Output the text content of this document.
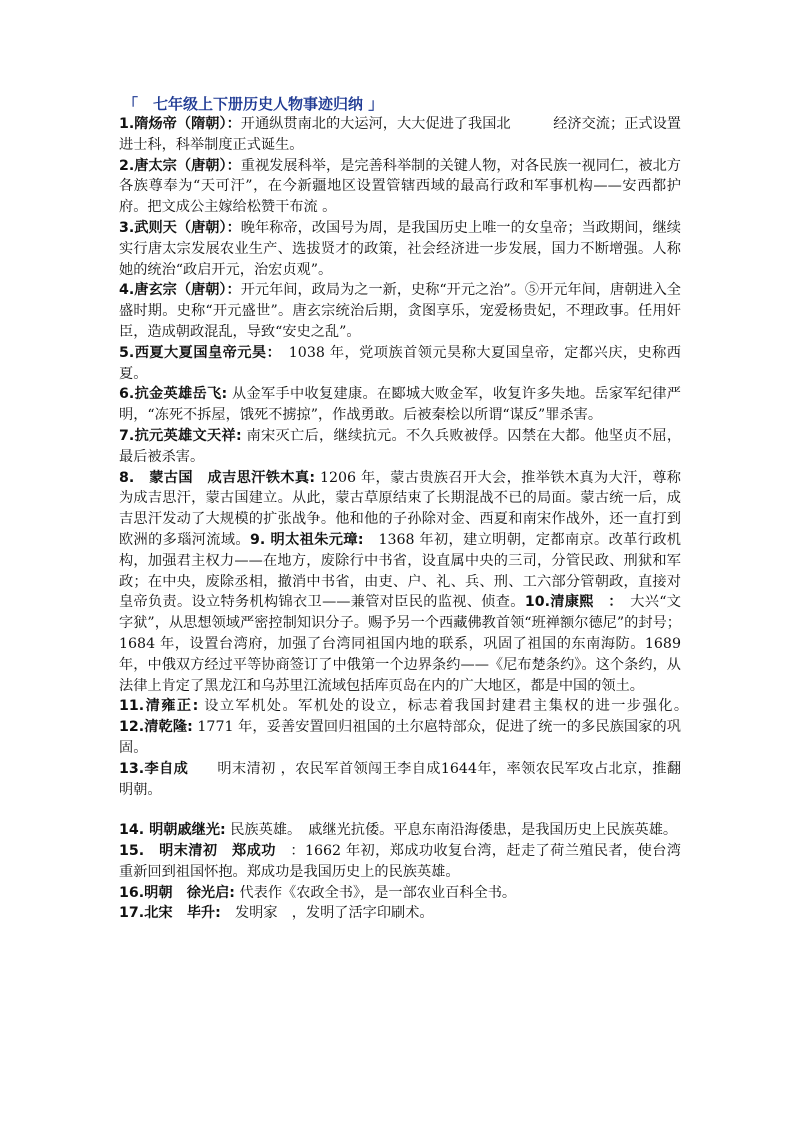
「　七年级上下册历史人物事迹归纳 」

1.隋炀帝（隋朝）：开通纵贯南北的大运河，大大促进了我国北　　　经济交流；正式设置进士科，科举制度正式诞生。

2.唐太宗（唐朝）：重视发展科举，是完善科举制的关键人物，对各民族一视同仁，被北方各族尊奉为“天可汗”，在今新疆地区设置管辖西域的最高行政和军事机构——安西都护府。把文成公主嫁给松赞干布流 。

3.武则天（唐朝）：晚年称帝，改国号为周，是我国历史上唯一的女皇帝；当政期间，继续实行唐太宗发展农业生产、选拔贤才的政策，社会经济进一步发展，国力不断增强。人称她的统治“政启开元，治宏贞观”。

4.唐玄宗（唐朝）：开元年间，政局为之一新，史称“开元之治”。⑤开元年间，唐朝进入全盛时期。史称“开元盛世”。唐玄宗统治后期，贪图享乐，宠爱杨贵妃，不理政事。任用奸臣，造成朝政混乱，导致“安史之乱”。

5.西夏大夏国皇帝元昊：　1038 年，党项族首领元昊称大夏国皇帝，定都兴庆，史称西夏。

6.抗金英雄岳飞: 从金军手中收复建康。在郾城大败金军，收复许多失地。岳家军纪律严明，“冻死不拆屋，饿死不掳掠”，作战勇敢。后被秦桧以所谓“谋反”罪杀害。

7.抗元英雄文天祥: 南宋灭亡后，继续抗元。不久兵败被俘。囚禁在大都。他坚贞不屈，最后被杀害。

8.　蒙古国　成吉思汗铁木真: 1206 年，蒙古贵族召开大会，推举铁木真为大汗，尊称为成吉思汗，蒙古国建立。从此，蒙古草原结束了长期混战不已的局面。蒙古统一后，成吉思汗发动了大规模的扩张战争。他和他的子孙除对金、西夏和南宋作战外，还一直打到欧洲的多瑙河流域。9. 明太祖朱元璋:　1368 年初，建立明朝，定都南京。改革行政机构，加强君主权力——在地方，废除行中书省，设直属中央的三司，分管民政、刑狱和军政；在中央，废除丞相，撤消中书省，由吏、户、礼、兵、刑、工六部分管朝政，直接对皇帝负责。设立特务机构锦衣卫——兼管对臣民的监视、侦查。10.清康熙　：　大兴“文字狱”，从思想领域严密控制知识分子。赐予另一个西藏佛教首领“班禅额尔德尼”的封号；1684 年，设置台湾府，加强了台湾同祖国内地的联系，巩固了祖国的东南海防。1689 年，中俄双方经过平等协商签订了中俄第一个边界条约——《尼布楚条约》。这个条约，从法律上肯定了黑龙江和乌苏里江流域包括库页岛在内的广大地区，都是中国的领土。

11.清雍正: 设立军机处。军机处的设立，标志着我国封建君主集权的进一步强化。　　　　　　　　　　　　12.清乾隆: 1771 年，妥善安置回归祖国的土尔扈特部众，促进了统一的多民族国家的巩固。

13.李自成　　明末清初 ，农民军首领闯王李自成1644年，率领农民军攻占北京，推翻明朝。

14. 明朝戚继光: 民族英雄。　戚继光抗倭。平息东南沿海倭患，是我国历史上民族英雄。

15.　明末清初　郑成功　：1662 年初，郑成功收复台湾，赶走了荷兰殖民者，使台湾重新回到祖国怀抱。郑成功是我国历史上的民族英雄。

16.明朝　徐光启: 代表作《农政全书》，是一部农业百科全书。

17.北宋　毕升:　发明家　，发明了活字印刷术。
